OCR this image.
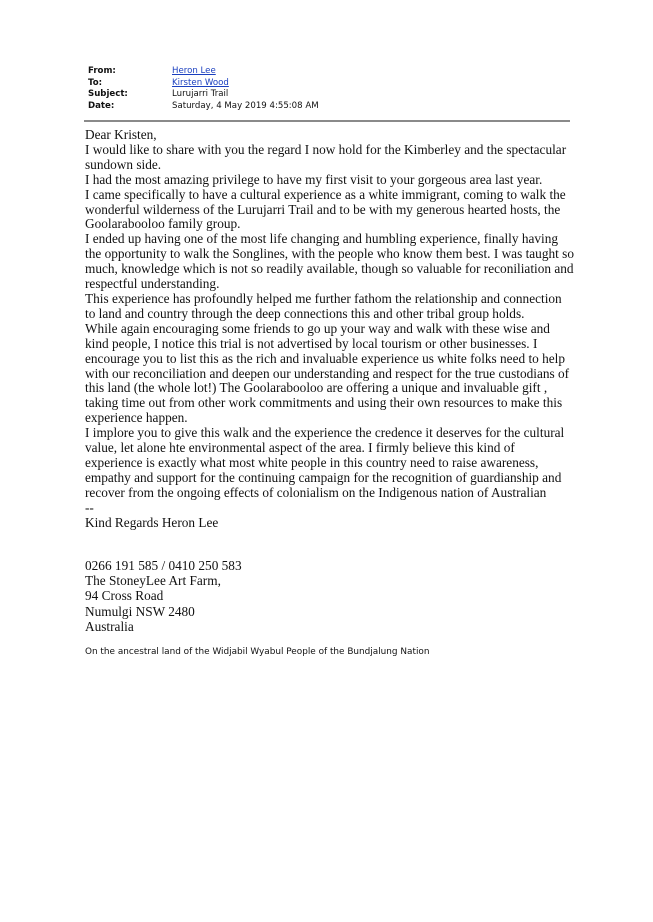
From:	Heron Lee
To:	Kirsten Wood
Subject:	Lurujarri Trail
Date:	Saturday, 4 May 2019 4:55:08 AM

Dear Kristen,

I would like to share with you the regard I now hold for the Kimberley and the spectacular sundown side.

I had the most amazing privilege to have my first visit to your gorgeous area last year.

I came specifically to have a cultural experience as a white immigrant, coming to walk the wonderful wilderness of the Lurujarri Trail and to be with my generous hearted hosts, the Goolarabooloo family group.

I ended up having one of the most life changing and humbling experience, finally having the opportunity to walk the Songlines, with the people who know them best. I was taught so much, knowledge which is not so readily available, though so valuable for reconiliation and respectful understanding.

This experience has profoundly helped me further fathom the relationship and connection to land and country through the deep connections this and other tribal group holds.

While again encouraging some friends to go up your way and walk with these wise and kind people, I notice this trial is not advertised by local tourism or other businesses. I encourage you to list this as the rich and invaluable experience us white folks need to help with our reconciliation and deepen our understanding and respect for the true custodians of this land (the whole lot!) The Goolarabooloo are offering a unique and invaluable gift , taking time out from other work commitments and using their own resources to make this experience happen.

I implore you to give this walk and the experience the credence it deserves for the cultural value, let alone hte environmental aspect of the area. I firmly believe this kind of experience is exactly what most white people in this country need to raise awareness, empathy and support for the continuing campaign for the recognition of guardianship and recover from the ongoing effects of colonialism on the Indigenous nation of Australian

--

Kind Regards Heron Lee

0266 191 585 / 0410 250 583
The StoneyLee Art Farm,
94 Cross Road
Numulgi NSW 2480
Australia
On the ancestral land of the Widjabil Wyabul People of the Bundjalung Nation
